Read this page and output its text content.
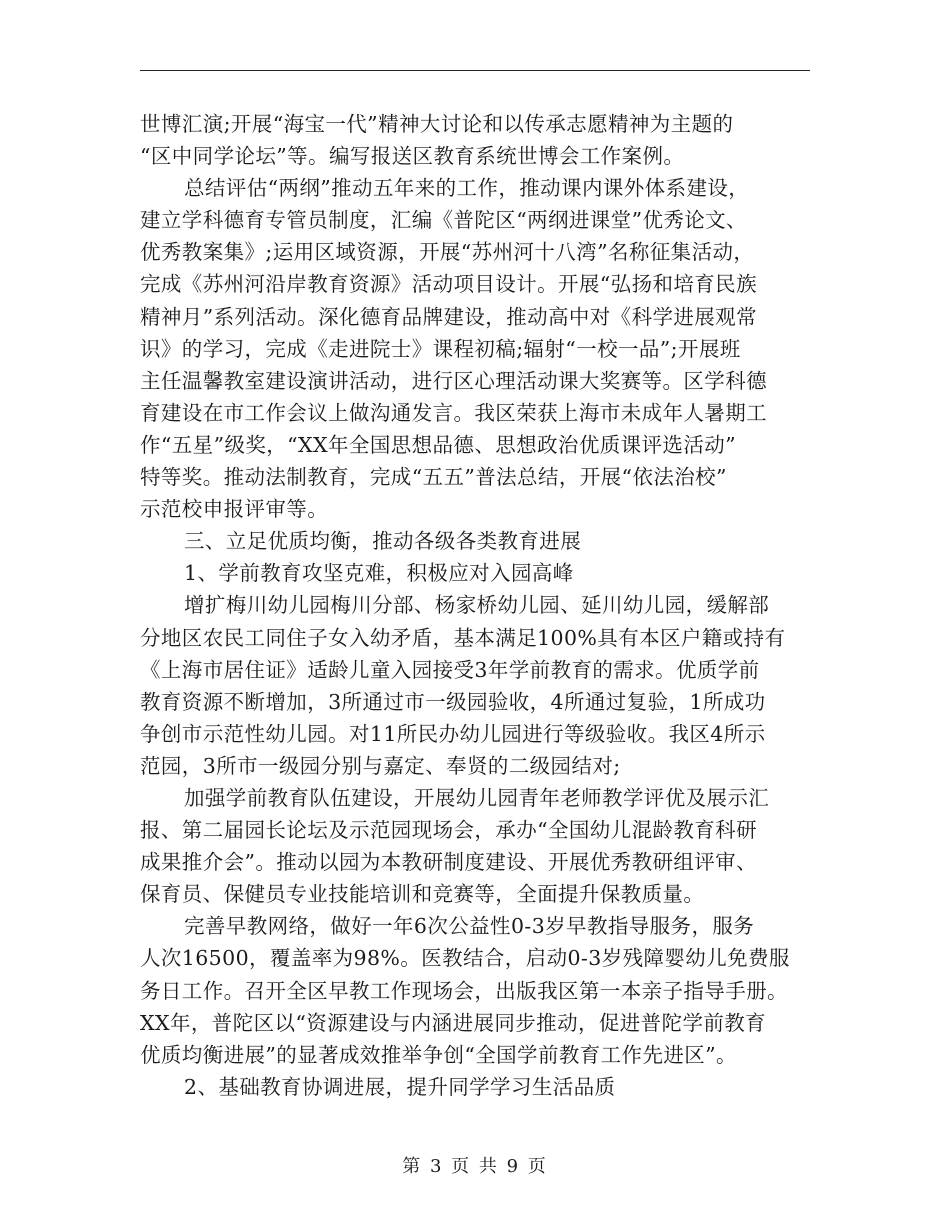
世博汇演;开展“海宝一代”精神大讨论和以传承志愿精神为主题的
“区中同学论坛”等。编写报送区教育系统世博会工作案例。
总结评估“两纲”推动五年来的工作，推动课内课外体系建设，
建立学科德育专管员制度，汇编《普陀区“两纲进课堂”优秀论文、
优秀教案集》;运用区域资源，开展“苏州河十八湾”名称征集活动，
完成《苏州河沿岸教育资源》活动项目设计。开展“弘扬和培育民族
精神月”系列活动。深化德育品牌建设，推动高中对《科学进展观常
识》的学习，完成《走进院士》课程初稿;辐射“一校一品”;开展班
主任温馨教室建设演讲活动，进行区心理活动课大奖赛等。区学科德
育建设在市工作会议上做沟通发言。我区荣获上海市未成年人暑期工
作“五星”级奖，“XX年全国思想品德、思想政治优质课评选活动”
特等奖。推动法制教育，完成“五五”普法总结，开展“依法治校”
示范校申报评审等。
三、立足优质均衡，推动各级各类教育进展
1、学前教育攻坚克难，积极应对入园高峰
增扩梅川幼儿园梅川分部、杨家桥幼儿园、延川幼儿园，缓解部
分地区农民工同住子女入幼矛盾，基本满足100%具有本区户籍或持有
《上海市居住证》适龄儿童入园接受3年学前教育的需求。优质学前
教育资源不断增加，3所通过市一级园验收，4所通过复验，1所成功
争创市示范性幼儿园。对11所民办幼儿园进行等级验收。我区4所示
范园，3所市一级园分别与嘉定、奉贤的二级园结对;
加强学前教育队伍建设，开展幼儿园青年老师教学评优及展示汇
报、第二届园长论坛及示范园现场会，承办“全国幼儿混龄教育科研
成果推介会”。推动以园为本教研制度建设、开展优秀教研组评审、
保育员、保健员专业技能培训和竞赛等，全面提升保教质量。
完善早教网络，做好一年6次公益性0-3岁早教指导服务，服务
人次16500，覆盖率为98%。医教结合，启动0-3岁残障婴幼儿免费服
务日工作。召开全区早教工作现场会，出版我区第一本亲子指导手册。
XX年，普陀区以“资源建设与内涵进展同步推动，促进普陀学前教育
优质均衡进展”的显著成效推举争创“全国学前教育工作先进区”。
2、基础教育协调进展，提升同学学习生活品质
第 3 页 共 9 页
